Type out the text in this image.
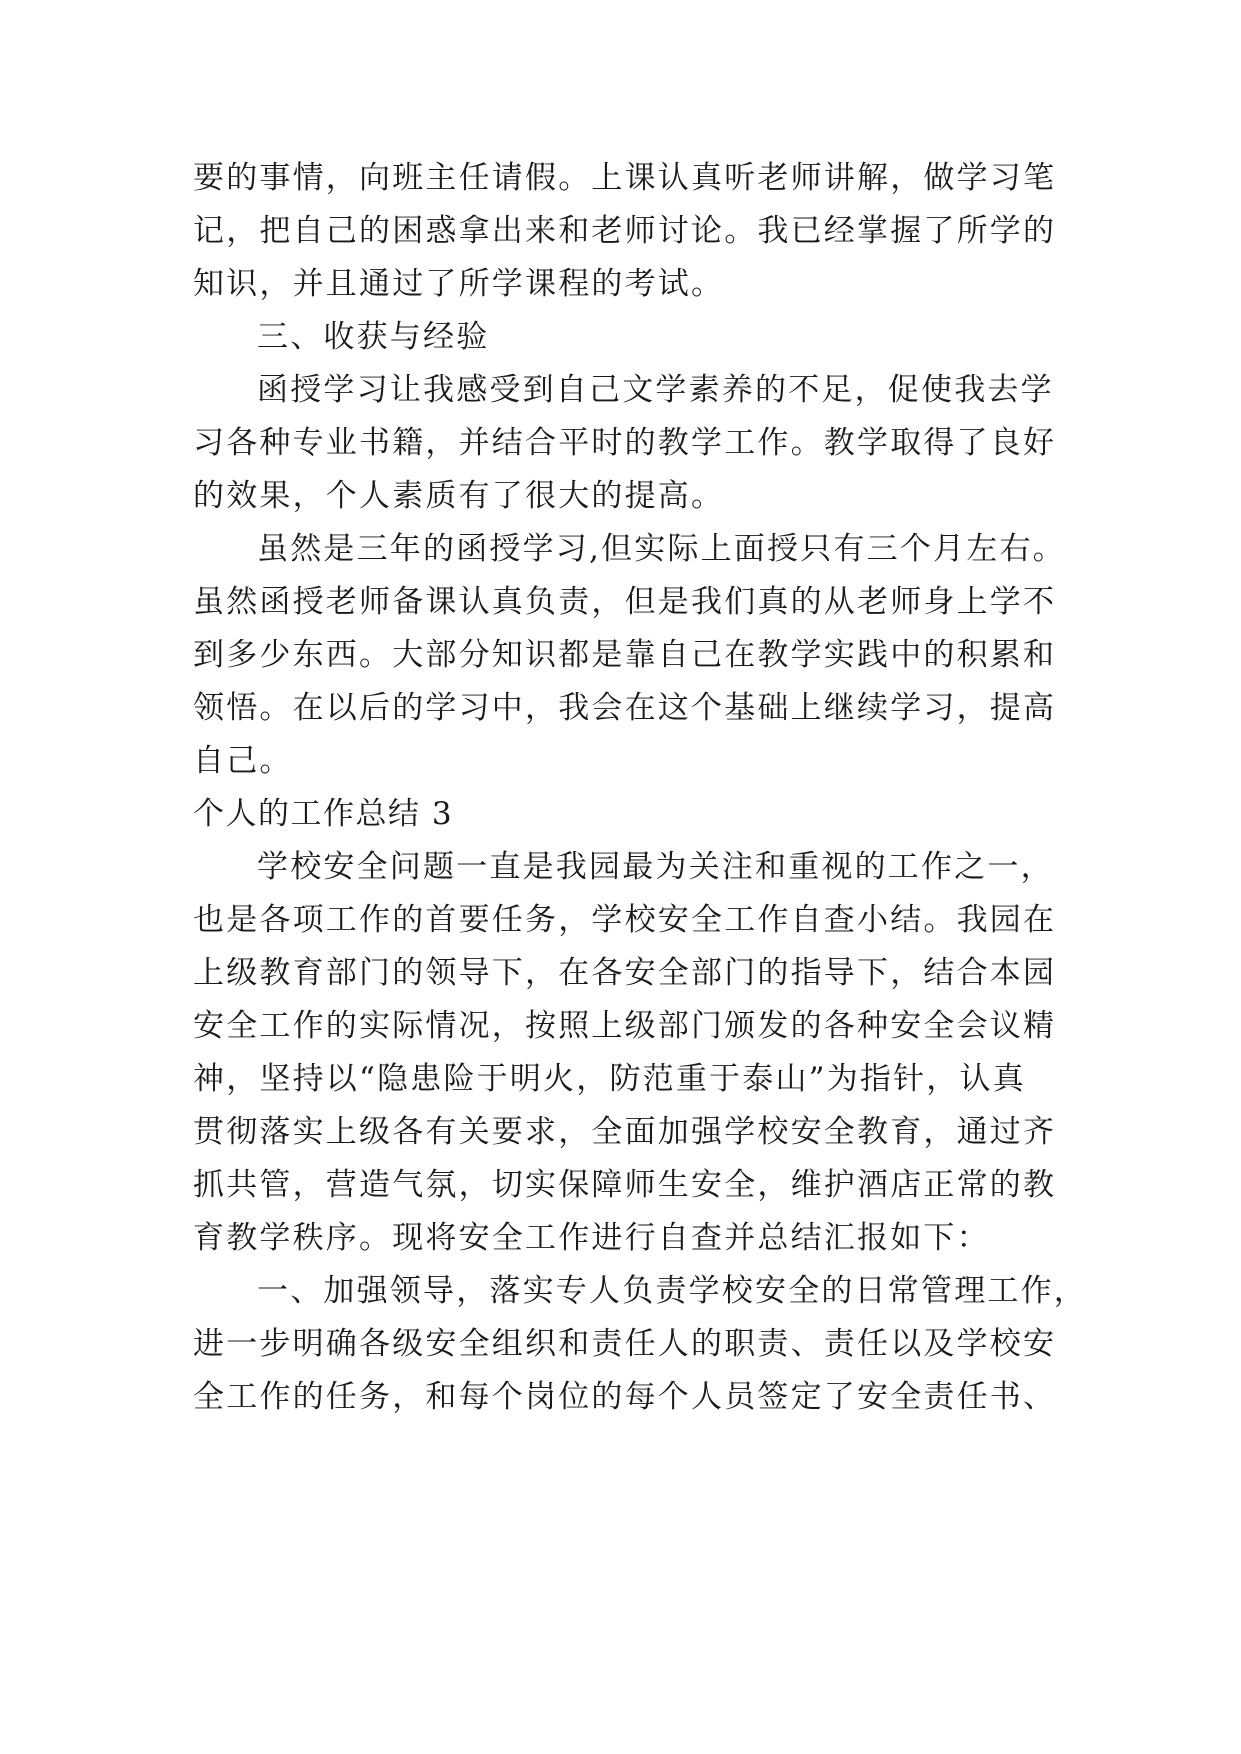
要的事情，向班主任请假。上课认真听老师讲解，做学习笔
记，把自己的困惑拿出来和老师讨论。我已经掌握了所学的
知识，并且通过了所学课程的考试。
三、收获与经验
函授学习让我感受到自己文学素养的不足，促使我去学
习各种专业书籍，并结合平时的教学工作。教学取得了良好
的效果，个人素质有了很大的提高。
虽然是三年的函授学习,但实际上面授只有三个月左右。
虽然函授老师备课认真负责，但是我们真的从老师身上学不
到多少东西。大部分知识都是靠自己在教学实践中的积累和
领悟。在以后的学习中，我会在这个基础上继续学习，提高
自己。
个人的工作总结 3
学校安全问题一直是我园最为关注和重视的工作之一，
也是各项工作的首要任务，学校安全工作自查小结。我园在
上级教育部门的领导下，在各安全部门的指导下，结合本园
安全工作的实际情况，按照上级部门颁发的各种安全会议精
神，坚持以“隐患险于明火，防范重于泰山”为指针，认真
贯彻落实上级各有关要求，全面加强学校安全教育，通过齐
抓共管，营造气氛，切实保障师生安全，维护酒店正常的教
育教学秩序。现将安全工作进行自查并总结汇报如下：
一、加强领导，落实专人负责学校安全的日常管理工作，
进一步明确各级安全组织和责任人的职责、责任以及学校安
全工作的任务，和每个岗位的每个人员签定了安全责任书、
